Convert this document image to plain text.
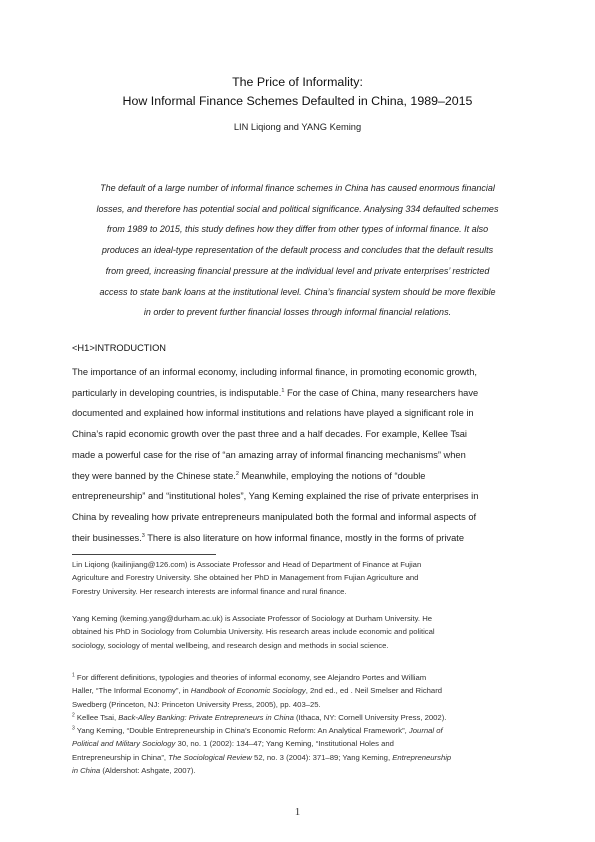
The Price of Informality:
How Informal Finance Schemes Defaulted in China, 1989–2015
LIN Liqiong and YANG Keming
The default of a large number of informal finance schemes in China has caused enormous financial
losses, and therefore has potential social and political significance. Analysing 334 defaulted schemes
from 1989 to 2015, this study defines how they differ from other types of informal finance. It also
produces an ideal-type representation of the default process and concludes that the default results
from greed, increasing financial pressure at the individual level and private enterprises’ restricted
access to state bank loans at the institutional level. China’s financial system should be more flexible
in order to prevent further financial losses through informal financial relations.
<H1>INTRODUCTION
The importance of an informal economy, including informal finance, in promoting economic growth,
particularly in developing countries, is indisputable.$^1$ For the case of China, many researchers have
documented and explained how informal institutions and relations have played a significant role in
China’s rapid economic growth over the past three and a half decades. For example, Kellee Tsai
made a powerful case for the rise of “an amazing array of informal financing mechanisms” when
they were banned by the Chinese state.$^2$ Meanwhile, employing the notions of “double
entrepreneurship” and “institutional holes”, Yang Keming explained the rise of private enterprises in
China by revealing how private entrepreneurs manipulated both the formal and informal aspects of
their businesses.$^3$ There is also literature on how informal finance, mostly in the forms of private
Lin Liqiong (kailinjiang@126.com) is Associate Professor and Head of Department of Finance at Fujian
Agriculture and Forestry University. She obtained her PhD in Management from Fujian Agriculture and
Forestry University. Her research interests are informal finance and rural finance.
Yang Keming (keming.yang@durham.ac.uk) is Associate Professor of Sociology at Durham University. He
obtained his PhD in Sociology from Columbia University. His research areas include economic and political
sociology, sociology of mental wellbeing, and research design and methods in social science.
$^1$ For different definitions, typologies and theories of informal economy, see Alejandro Portes and William
Haller, “The Informal Economy”, in Handbook of Economic Sociology, 2nd ed., ed . Neil Smelser and Richard
Swedberg (Princeton, NJ: Princeton University Press, 2005), pp. 403–25.
$^2$ Kellee Tsai, Back-Alley Banking: Private Entrepreneurs in China (Ithaca, NY: Cornell University Press, 2002).
$^3$ Yang Keming, “Double Entrepreneurship in China’s Economic Reform: An Analytical Framework”, Journal of
Political and Military Sociology 30, no. 1 (2002): 134–47; Yang Keming, “Institutional Holes and
Entrepreneurship in China”, The Sociological Review 52, no. 3 (2004): 371–89; Yang Keming, Entrepreneurship
in China (Aldershot: Ashgate, 2007).
1
